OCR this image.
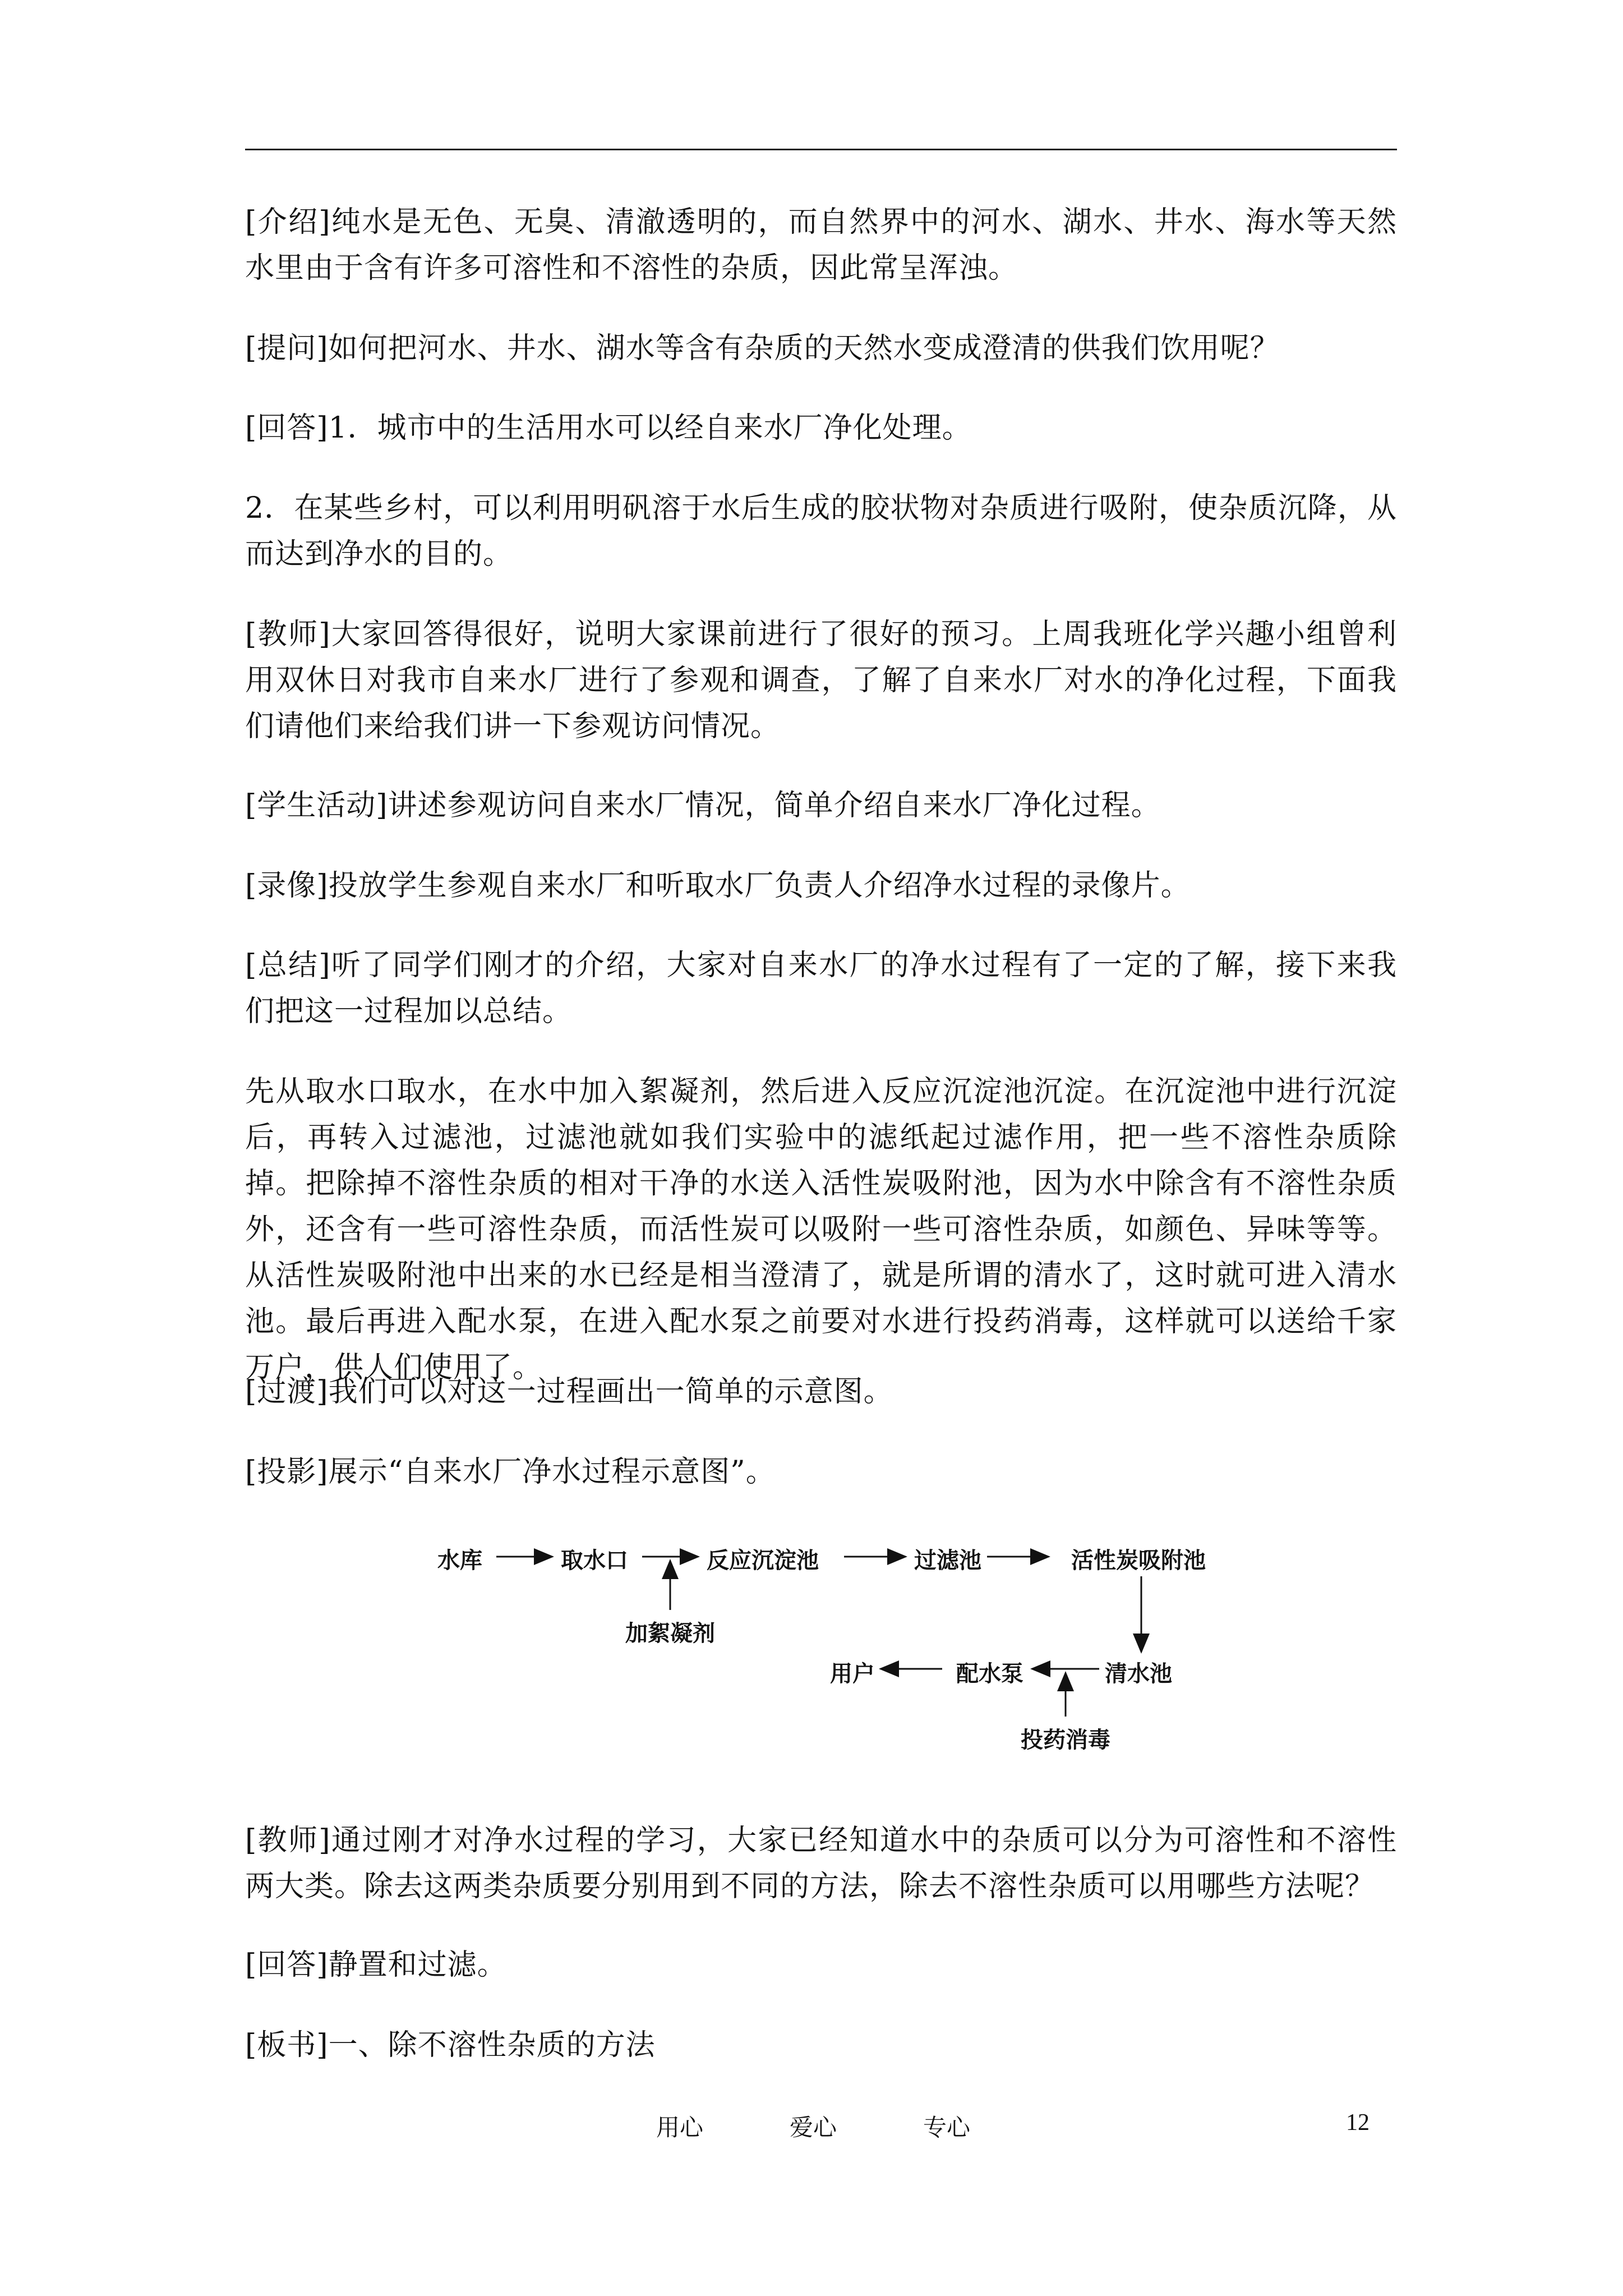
[介绍]纯水是无色、无臭、清澈透明的，而自然界中的河水、湖水、井水、海水等天然水里由于含有许多可溶性和不溶性的杂质，因此常呈浑浊。

[提问]如何把河水、井水、湖水等含有杂质的天然水变成澄清的供我们饮用呢？

[回答]1．城市中的生活用水可以经自来水厂净化处理。

2．在某些乡村，可以利用明矾溶于水后生成的胶状物对杂质进行吸附，使杂质沉降，从而达到净水的目的。

[教师]大家回答得很好，说明大家课前进行了很好的预习。上周我班化学兴趣小组曾利用双休日对我市自来水厂进行了参观和调查，了解了自来水厂对水的净化过程，下面我们请他们来给我们讲一下参观访问情况。

[学生活动]讲述参观访问自来水厂情况，简单介绍自来水厂净化过程。

[录像]投放学生参观自来水厂和听取水厂负责人介绍净水过程的录像片。

[总结]听了同学们刚才的介绍，大家对自来水厂的净水过程有了一定的了解，接下来我们把这一过程加以总结。

先从取水口取水，在水中加入絮凝剂，然后进入反应沉淀池沉淀。在沉淀池中进行沉淀后，再转入过滤池，过滤池就如我们实验中的滤纸起过滤作用，把一些不溶性杂质除掉。把除掉不溶性杂质的相对干净的水送入活性炭吸附池，因为水中除含有不溶性杂质外，还含有一些可溶性杂质，而活性炭可以吸附一些可溶性杂质，如颜色、异味等等。从活性炭吸附池中出来的水已经是相当澄清了，就是所谓的清水了，这时就可进入清水池。最后再进入配水泵，在进入配水泵之前要对水进行投药消毒，这样就可以送给千家万户，供人们使用了。

[过渡]我们可以对这一过程画出一简单的示意图。

[投影]展示“自来水厂净水过程示意图”。

水库	取水口	反应沉淀池	过滤池	活性炭吸附池
加絮凝剂
清水池
配水泵
用户
投药消毒

[教师]通过刚才对净水过程的学习，大家已经知道水中的杂质可以分为可溶性和不溶性两大类。除去这两类杂质要分别用到不同的方法，除去不溶性杂质可以用哪些方法呢？

[回答]静置和过滤。

[板书]一、除不溶性杂质的方法

用心	爱心	专心	12
